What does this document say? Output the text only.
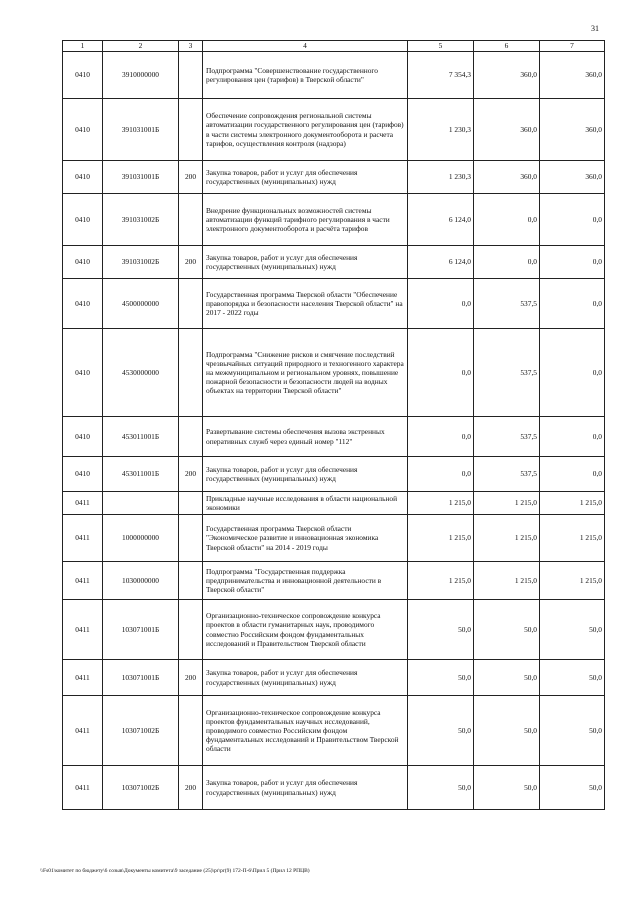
31
1	2	3	4	5	6	7
0410	3910000000		Подпрограмма "Совершенствование государственного регулирования цен (тарифов) в Тверской области"	7 354,3	360,0	360,0
0410	391031001Б		Обеспечение сопровождения региональной системы автоматизации государственного регулирования цен (тарифов) в части системы электронного документооборота и расчета тарифов, осуществления контроля (надзора)	1 230,3	360,0	360,0
0410	391031001Б	200	Закупка товаров, работ и услуг для обеспечения государственных (муниципальных) нужд	1 230,3	360,0	360,0
0410	391031002Б		Внедрение функциональных возможностей системы автоматизации функций тарифного регулирования в части электронного документооборота и расчёта тарифов	6 124,0	0,0	0,0
0410	391031002Б	200	Закупка товаров, работ и услуг для обеспечения государственных (муниципальных) нужд	6 124,0	0,0	0,0
0410	4500000000		Государственная программа Тверской области "Обеспечение правопорядка и безопасности населения Тверской области" на 2017 - 2022 годы	0,0	537,5	0,0
0410	4530000000		Подпрограмма "Снижение рисков и смягчение последствий чрезвычайных ситуаций природного и техногенного характера на межмуниципальном и региональном уровнях, повышение пожарной безопасности и безопасности людей на водных объектах на территории Тверской области"	0,0	537,5	0,0
0410	453011001Б		Развертывание системы обеспечения вызова экстренных оперативных служб через единый номер "112"	0,0	537,5	0,0
0410	453011001Б	200	Закупка товаров, работ и услуг для обеспечения государственных (муниципальных) нужд	0,0	537,5	0,0
0411			Прикладные научные исследования в области национальной экономики	1 215,0	1 215,0	1 215,0
0411	1000000000		Государственная программа Тверской области "Экономическое развитие и инновационная экономика Тверской области" на 2014 - 2019 годы	1 215,0	1 215,0	1 215,0
0411	1030000000		Подпрограмма "Государственная поддержка предпринимательства и инновационной деятельности в Тверской области"	1 215,0	1 215,0	1 215,0
0411	103071001Б		Организационно-техническое сопровождение конкурса проектов в области гуманитарных наук, проводимого совместно Российским фондом фундаментальных исследований и Правительством Тверской области	50,0	50,0	50,0
0411	103071001Б	200	Закупка товаров, работ и услуг для обеспечения государственных (муниципальных) нужд	50,0	50,0	50,0
0411	103071002Б		Организационно-техническое сопровождение конкурса проектов фундаментальных научных исследований, проводимого совместно Российским фондом фундаментальных исследований и Правительством Тверской области	50,0	50,0	50,0
0411	103071002Б	200	Закупка товаров, работ и услуг для обеспечения государственных (муниципальных) нужд	50,0	50,0	50,0
\\Fs01\комитет по бюджету\6 созыв\Документы комитета\9 заседание (25)\pr\pr(9) 172-П-6\Прил 5 (Прил 12 РПЦВ)
